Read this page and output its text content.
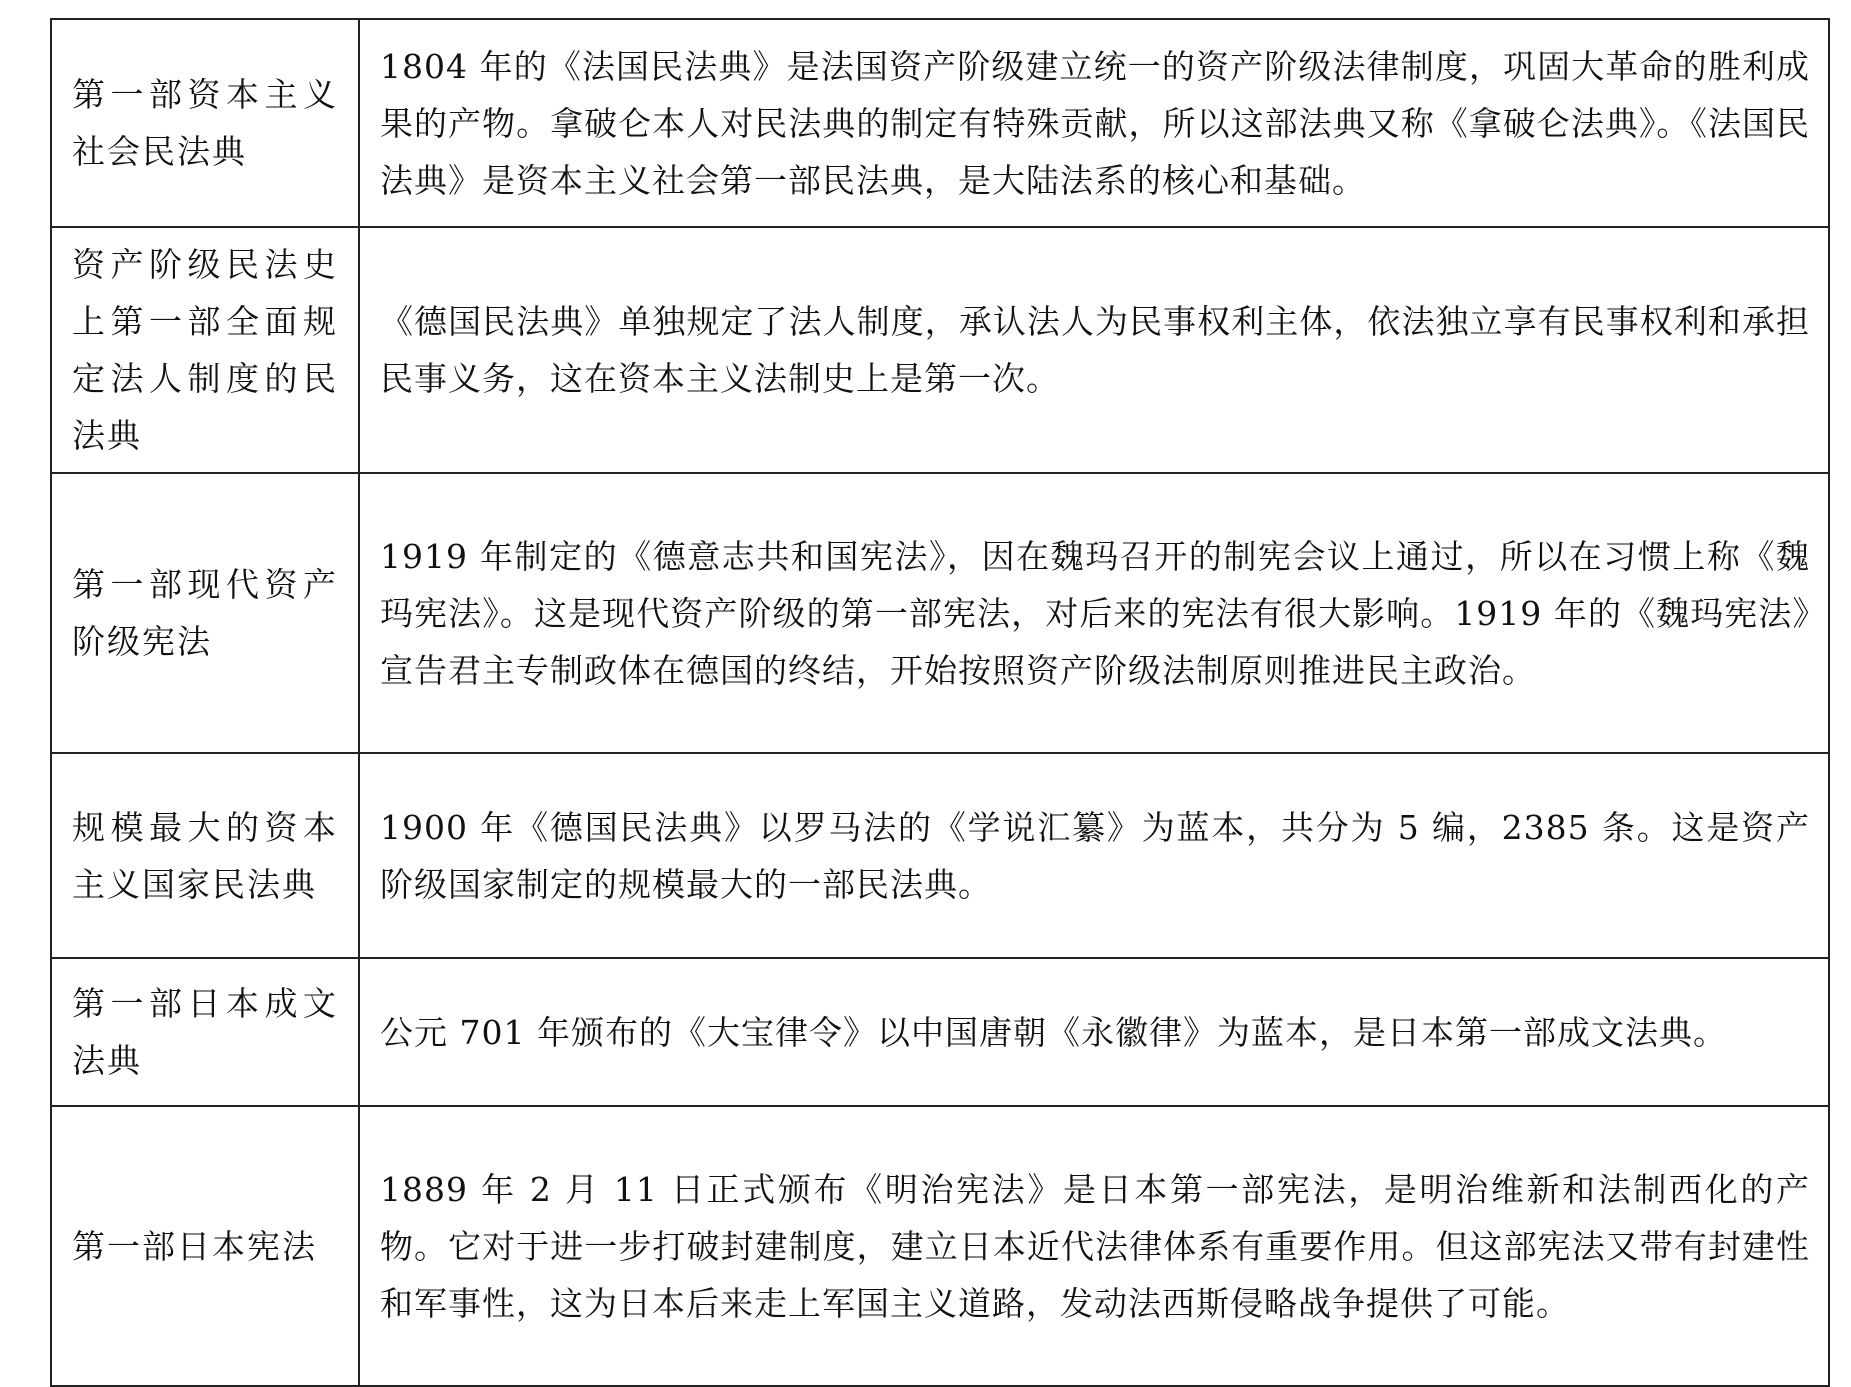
第一部资本主义社会民法典	1804 年的《法国民法典》是法国资产阶级建立统一的资产阶级法律制度，巩固大革命的胜利成果的产物。拿破仑本人对民法典的制定有特殊贡献，所以这部法典又称《拿破仑法典》。《法国民法典》是资本主义社会第一部民法典，是大陆法系的核心和基础。
资产阶级民法史上第一部全面规定法人制度的民法典	《德国民法典》单独规定了法人制度，承认法人为民事权利主体，依法独立享有民事权利和承担民事义务，这在资本主义法制史上是第一次。
第一部现代资产阶级宪法	1919 年制定的《德意志共和国宪法》，因在魏玛召开的制宪会议上通过，所以在习惯上称《魏玛宪法》。这是现代资产阶级的第一部宪法，对后来的宪法有很大影响。1919 年的《魏玛宪法》宣告君主专制政体在德国的终结，开始按照资产阶级法制原则推进民主政治。
规模最大的资本主义国家民法典	1900 年《德国民法典》以罗马法的《学说汇纂》为蓝本，共分为 5 编，2385 条。这是资产阶级国家制定的规模最大的一部民法典。
第一部日本成文法典	公元 701 年颁布的《大宝律令》以中国唐朝《永徽律》为蓝本，是日本第一部成文法典。
第一部日本宪法	1889 年 2 月 11 日正式颁布《明治宪法》是日本第一部宪法，是明治维新和法制西化的产物。它对于进一步打破封建制度，建立日本近代法律体系有重要作用。但这部宪法又带有封建性和军事性，这为日本后来走上军国主义道路，发动法西斯侵略战争提供了可能。
